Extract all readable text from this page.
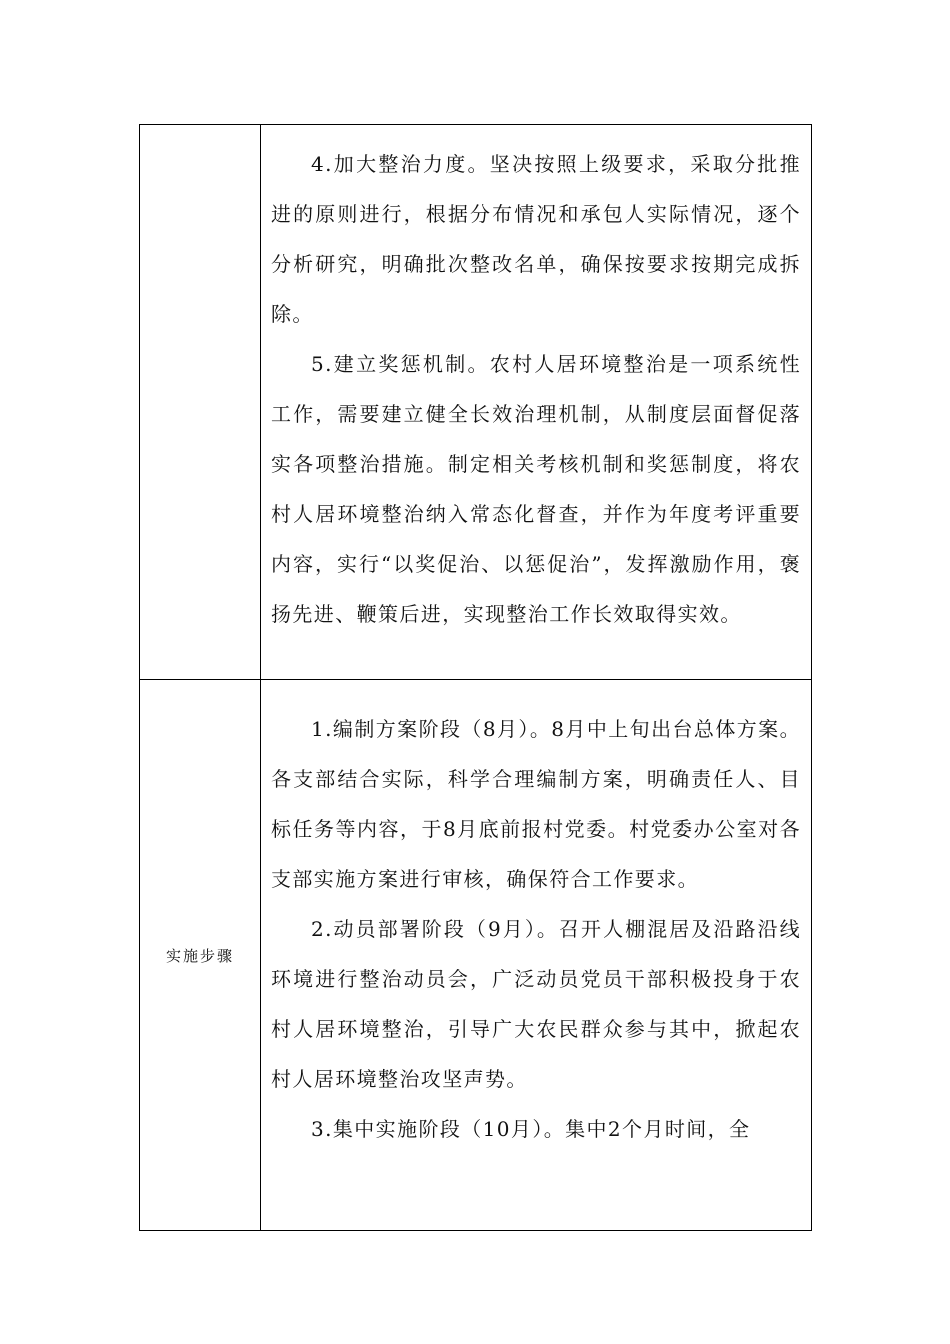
	4.加大整治力度。坚决按照上级要求，采取分批推进的原则进行，根据分布情况和承包人实际情况，逐个分析研究，明确批次整改名单，确保按要求按期完成拆除。

5.建立奖惩机制。农村人居环境整治是一项系统性工作，需要建立健全长效治理机制，从制度层面督促落实各项整治措施。制定相关考核机制和奖惩制度，将农村人居环境整治纳入常态化督查，并作为年度考评重要内容，实行“以奖促治、以惩促治”，发挥激励作用，褒扬先进、鞭策后进，实现整治工作长效取得实效。

实施步骤	1.编制方案阶段（8月）。8月中上旬出台总体方案。各支部结合实际，科学合理编制方案，明确责任人、目标任务等内容，于8月底前报村党委。村党委办公室对各支部实施方案进行审核，确保符合工作要求。

2.动员部署阶段（9月）。召开人棚混居及沿路沿线环境进行整治动员会，广泛动员党员干部积极投身于农村人居环境整治，引导广大农民群众参与其中，掀起农村人居环境整治攻坚声势。

3.集中实施阶段（10月）。集中2个月时间，全
